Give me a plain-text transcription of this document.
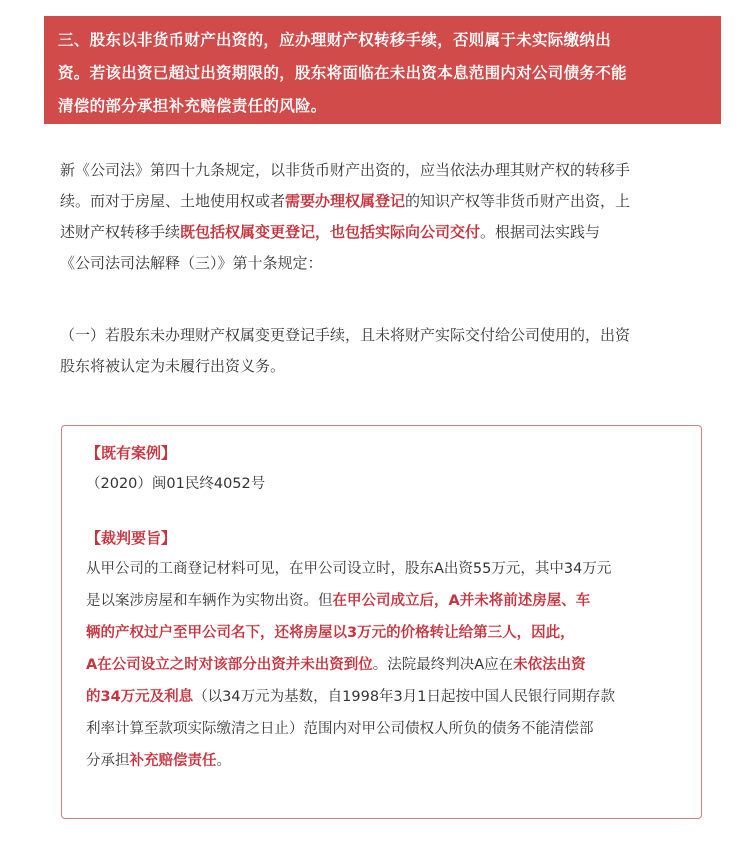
三、股东以非货币财产出资的，应办理财产权转移手续，否则属于未实际缴纳出
资。若该出资已超过出资期限的，股东将面临在未出资本息范围内对公司债务不能
清偿的部分承担补充赔偿责任的风险。
新《公司法》第四十九条规定，以非货币财产出资的，应当依法办理其财产权的转移手
续。而对于房屋、土地使用权或者需要办理权属登记的知识产权等非货币财产出资，上
述财产权转移手续既包括权属变更登记，也包括实际向公司交付。根据司法实践与
《公司法司法解释（三）》第十条规定：
（一）若股东未办理财产权属变更登记手续，且未将财产实际交付给公司使用的，出资
股东将被认定为未履行出资义务。
【既有案例】
（2020）闽01民终4052号
【裁判要旨】
从甲公司的工商登记材料可见，在甲公司设立时，股东A出资55万元，其中34万元
是以案涉房屋和车辆作为实物出资。但在甲公司成立后，A并未将前述房屋、车
辆的产权过户至甲公司名下，还将房屋以3万元的价格转让给第三人，因此，
A在公司设立之时对该部分出资并未出资到位。法院最终判决A应在未依法出资
的34万元及利息（以34万元为基数，自1998年3月1日起按中国人民银行同期存款
利率计算至款项实际缴清之日止）范围内对甲公司债权人所负的债务不能清偿部
分承担补充赔偿责任。
